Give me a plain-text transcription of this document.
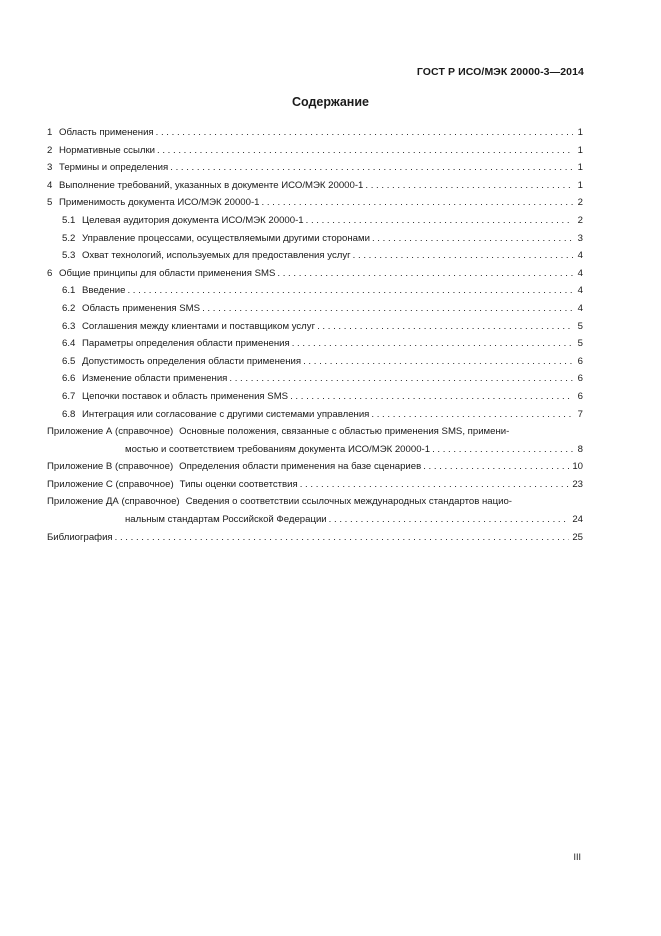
ГОСТ Р ИСО/МЭК 20000-3—2014
Содержание
1 Область применения . . .	1
2 Нормативные ссылки . . .	1
3 Термины и определения . . .	1
4 Выполнение требований, указанных в документе ИСО/МЭК 20000-1 . . .	1
5 Применимость документа ИСО/МЭК 20000-1 . . .	2
5.1 Целевая аудитория документа ИСО/МЭК 20000-1 . . .	2
5.2 Управление процессами, осуществляемыми другими сторонами . . .	3
5.3 Охват технологий, используемых для предоставления услуг . . .	4
6 Общие принципы для области применения SMS . . .	4
6.1 Введение . . .	4
6.2 Область применения SMS . . .	4
6.3 Соглашения между клиентами и поставщиком услуг . . .	5
6.4 Параметры определения области применения . . .	5
6.5 Допустимость определения области применения . . .	6
6.6 Изменение области применения . . .	6
6.7 Цепочки поставок и область применения SMS . . .	6
6.8 Интеграция или согласование с другими системами управления . . .	7
Приложение А (справочное) Основные положения, связанные с областью применения SMS, примени-
мостью и соответствием требованиям документа ИСО/МЭК 20000-1 . . .	8
Приложение В (справочное) Определения области применения на базе сценариев . . .	10
Приложение С (справочное) Типы оценки соответствия . . .	23
Приложение ДА (справочное) Сведения о соответствии ссылочных международных стандартов нацио-
нальным стандартам Российской Федерации . . .	24
Библиография . . .	25
III
